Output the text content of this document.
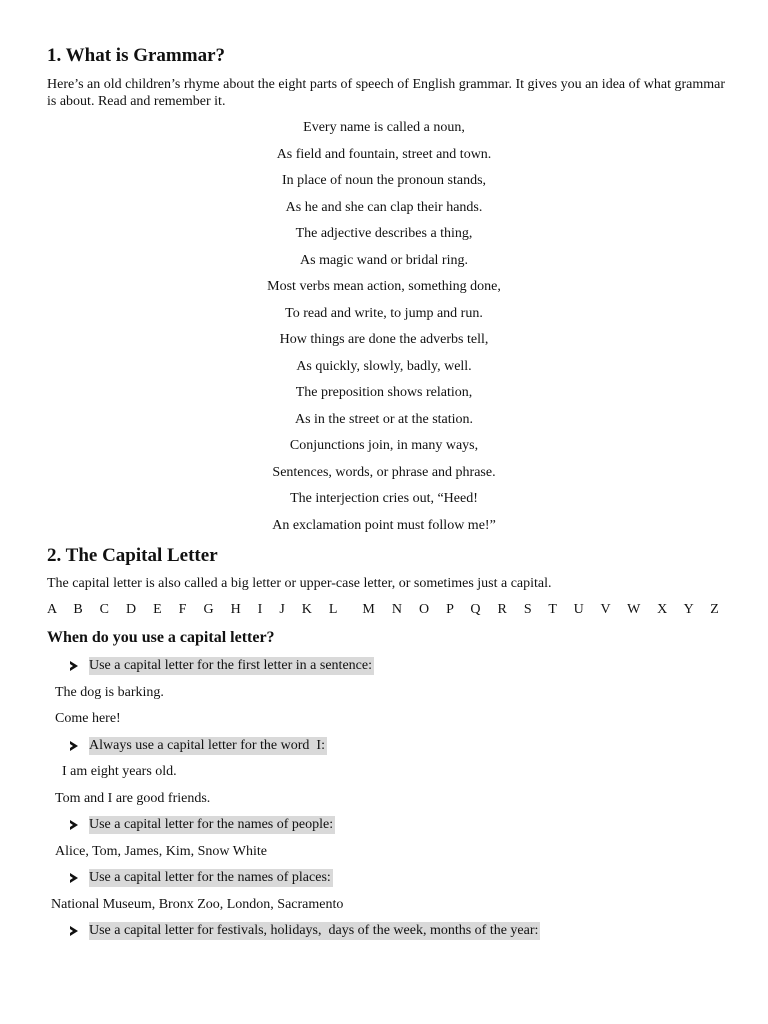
1. What is Grammar?
Here’s an old children’s rhyme about the eight parts of speech of English grammar. It gives you an idea of what grammar is about. Read and remember it.
Every name is called a noun,
As field and fountain, street and town.
In place of noun the pronoun stands,
As he and she can clap their hands.
The adjective describes a thing,
As magic wand or bridal ring.
Most verbs mean action, something done,
To read and write, to jump and run.
How things are done the adverbs tell,
As quickly, slowly, badly, well.
The preposition shows relation,
As in the street or at the station.
Conjunctions join, in many ways,
Sentences, words, or phrase and phrase.
The interjection cries out, “Heed!
An exclamation point must follow me!”
2. The Capital Letter
The capital letter is also called a big letter or upper-case letter, or sometimes just a capital.
A  B  C  D  E  F  G  H  I  J  K  L   M  N  O  P  Q  R  S  T  U  V  W  X  Y  Z
When do you use a capital letter?
Use a capital letter for the first letter in a sentence:
The dog is barking.
Come here!
Always use a capital letter for the word  I:
I am eight years old.
Tom and I are good friends.
Use a capital letter for the names of people:
Alice, Tom, James, Kim, Snow White
Use a capital letter for the names of places:
National Museum, Bronx Zoo, London, Sacramento
Use a capital letter for festivals, holidays,  days of the week, months of the year:
